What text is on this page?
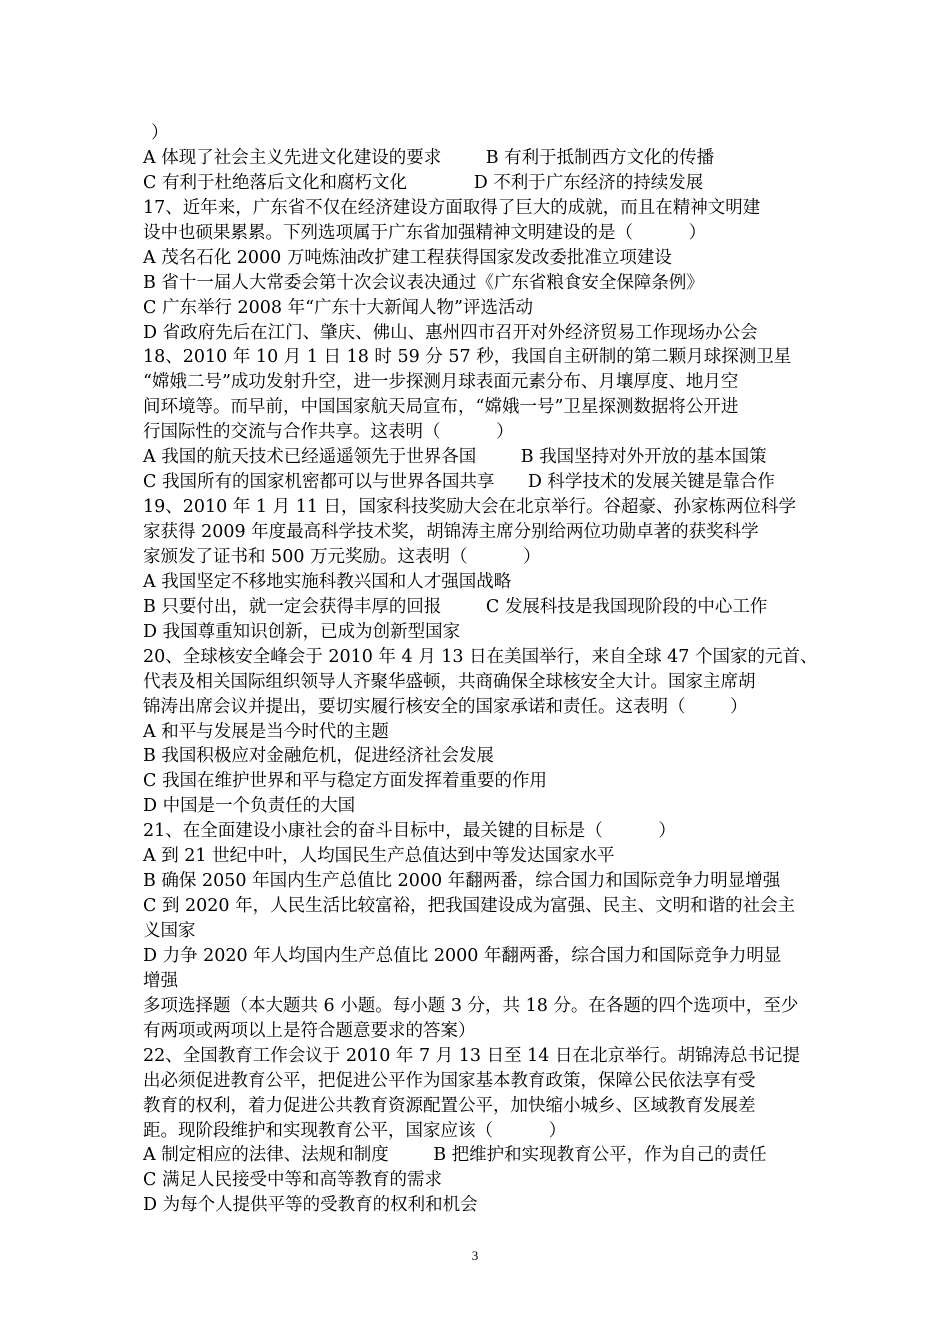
）
A 体现了社会主义先进文化建设的要求        B 有利于抵制西方文化的传播
C 有利于杜绝落后文化和腐朽文化            D 不利于广东经济的持续发展
17、近年来，广东省不仅在经济建设方面取得了巨大的成就，而且在精神文明建
设中也硕果累累。下列选项属于广东省加强精神文明建设的是（          ）
A 茂名石化 2000 万吨炼油改扩建工程获得国家发改委批准立项建设
B 省十一届人大常委会第十次会议表决通过《广东省粮食安全保障条例》
C 广东举行 2008 年“广东十大新闻人物”评选活动
D 省政府先后在江门、肇庆、佛山、惠州四市召开对外经济贸易工作现场办公会
18、2010 年 10 月 1 日 18 时 59 分 57 秒，我国自主研制的第二颗月球探测卫星
“嫦娥二号”成功发射升空，进一步探测月球表面元素分布、月壤厚度、地月空
间环境等。而早前，中国国家航天局宣布，“嫦娥一号”卫星探测数据将公开进
行国际性的交流与合作共享。这表明（          ）
A 我国的航天技术已经遥遥领先于世界各国        B 我国坚持对外开放的基本国策
C 我国所有的国家机密都可以与世界各国共享      D 科学技术的发展关键是靠合作
19、2010 年 1 月 11 日，国家科技奖励大会在北京举行。谷超豪、孙家栋两位科学
家获得 2009 年度最高科学技术奖，胡锦涛主席分别给两位功勋卓著的获奖科学
家颁发了证书和 500 万元奖励。这表明（          ）
A 我国坚定不移地实施科教兴国和人才强国战略
B 只要付出，就一定会获得丰厚的回报        C 发展科技是我国现阶段的中心工作
D 我国尊重知识创新，已成为创新型国家
20、全球核安全峰会于 2010 年 4 月 13 日在美国举行，来自全球 47 个国家的元首、
代表及相关国际组织领导人齐聚华盛顿，共商确保全球核安全大计。国家主席胡
锦涛出席会议并提出，要切实履行核安全的国家承诺和责任。这表明（        ）
A 和平与发展是当今时代的主题
B 我国积极应对金融危机，促进经济社会发展
C 我国在维护世界和平与稳定方面发挥着重要的作用
D 中国是一个负责任的大国
21、在全面建设小康社会的奋斗目标中，最关键的目标是（          ）
A 到 21 世纪中叶，人均国民生产总值达到中等发达国家水平
B 确保 2050 年国内生产总值比 2000 年翻两番，综合国力和国际竞争力明显增强
C 到 2020 年，人民生活比较富裕，把我国建设成为富强、民主、文明和谐的社会主
义国家
D 力争 2020 年人均国内生产总值比 2000 年翻两番，综合国力和国际竞争力明显
增强
多项选择题（本大题共 6 小题。每小题 3 分，共 18 分。在各题的四个选项中，至少
有两项或两项以上是符合题意要求的答案）
22、全国教育工作会议于 2010 年 7 月 13 日至 14 日在北京举行。胡锦涛总书记提
出必须促进教育公平，把促进公平作为国家基本教育政策，保障公民依法享有受
教育的权利，着力促进公共教育资源配置公平，加快缩小城乡、区域教育发展差
距。现阶段维护和实现教育公平，国家应该（          ）
A 制定相应的法律、法规和制度        B 把维护和实现教育公平，作为自己的责任
C 满足人民接受中等和高等教育的需求
D 为每个人提供平等的受教育的权利和机会
3
